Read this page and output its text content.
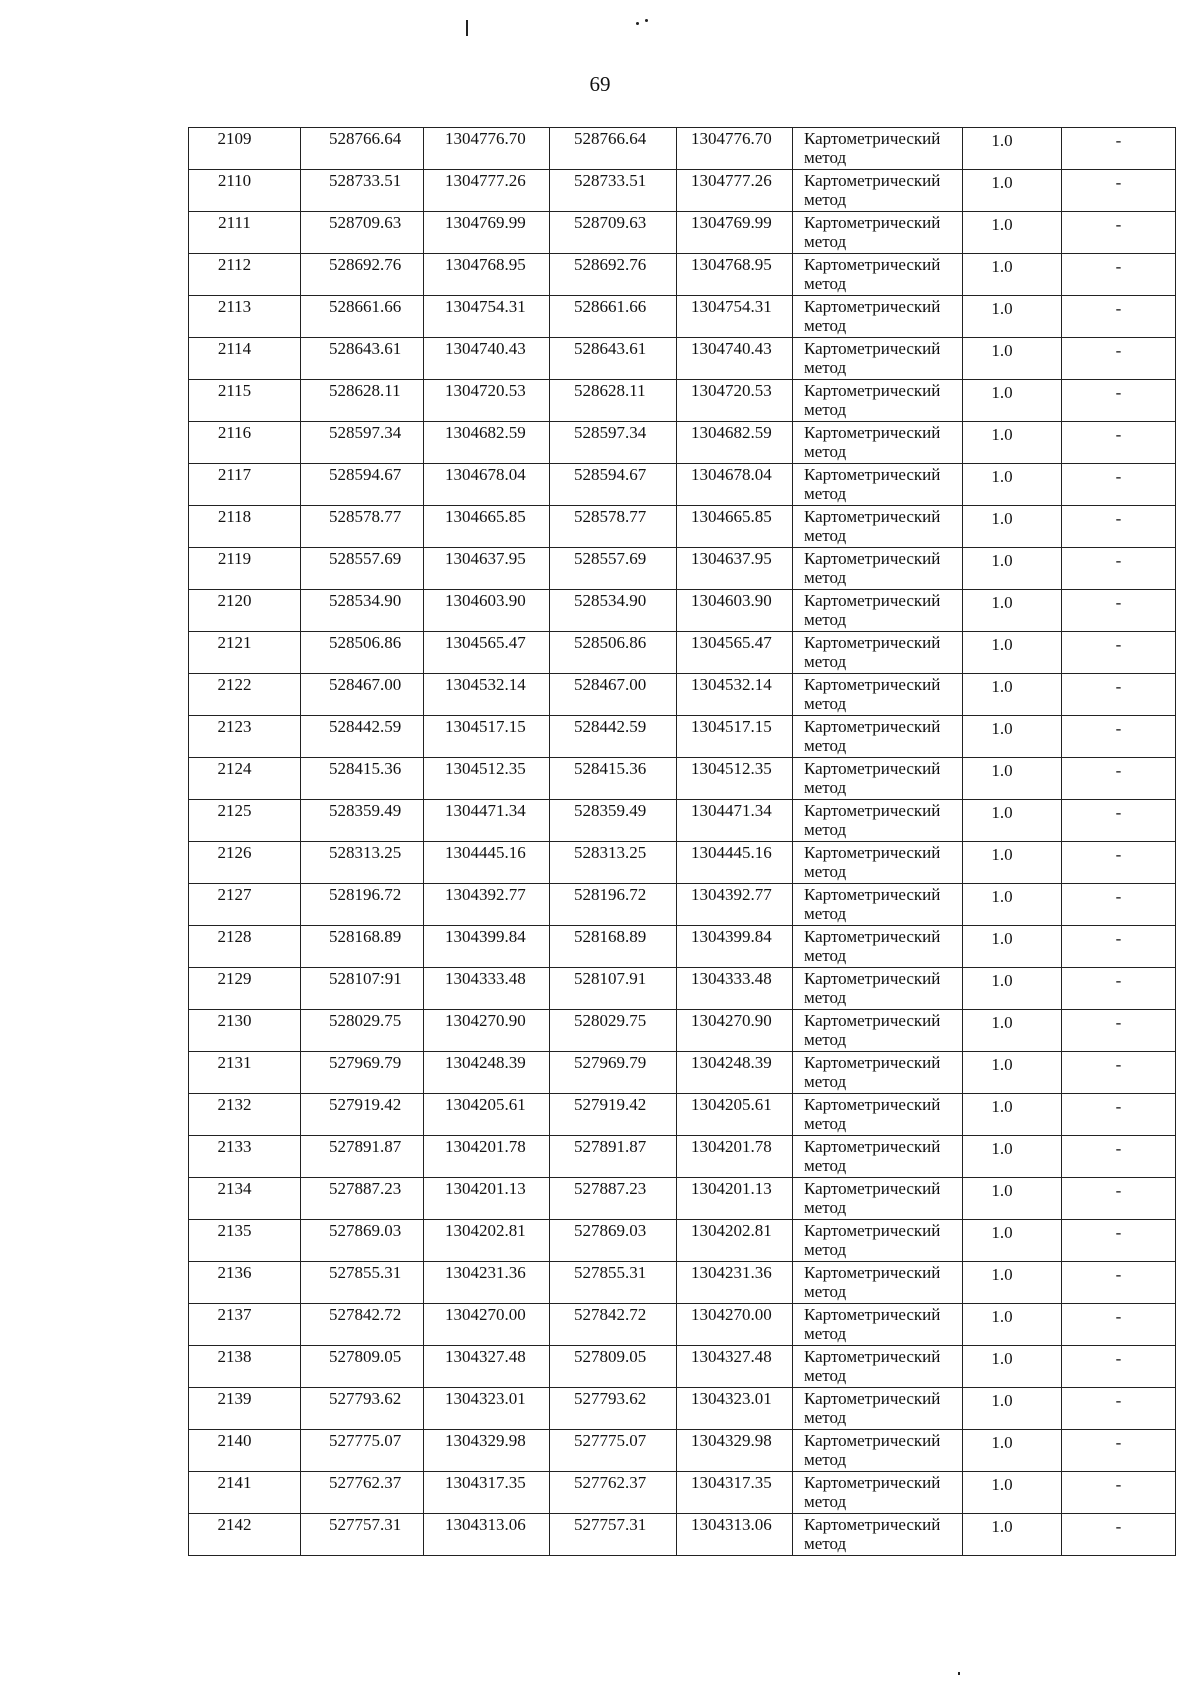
69
2109	528766.64	1304776.70	528766.64	1304776.70	Картометрический метод	1.0	-

2110	528733.51	1304777.26	528733.51	1304777.26	Картометрический метод	1.0	-

2111	528709.63	1304769.99	528709.63	1304769.99	Картометрический метод	1.0	-

2112	528692.76	1304768.95	528692.76	1304768.95	Картометрический метод	1.0	-

2113	528661.66	1304754.31	528661.66	1304754.31	Картометрический метод	1.0	-

2114	528643.61	1304740.43	528643.61	1304740.43	Картометрический метод	1.0	-

2115	528628.11	1304720.53	528628.11	1304720.53	Картометрический метод	1.0	-

2116	528597.34	1304682.59	528597.34	1304682.59	Картометрический метод	1.0	-

2117	528594.67	1304678.04	528594.67	1304678.04	Картометрический метод	1.0	-

2118	528578.77	1304665.85	528578.77	1304665.85	Картометрический метод	1.0	-

2119	528557.69	1304637.95	528557.69	1304637.95	Картометрический метод	1.0	-

2120	528534.90	1304603.90	528534.90	1304603.90	Картометрический метод	1.0	-

2121	528506.86	1304565.47	528506.86	1304565.47	Картометрический метод	1.0	-

2122	528467.00	1304532.14	528467.00	1304532.14	Картометрический метод	1.0	-

2123	528442.59	1304517.15	528442.59	1304517.15	Картометрический метод	1.0	-

2124	528415.36	1304512.35	528415.36	1304512.35	Картометрический метод	1.0	-

2125	528359.49	1304471.34	528359.49	1304471.34	Картометрический метод	1.0	-

2126	528313.25	1304445.16	528313.25	1304445.16	Картометрический метод	1.0	-

2127	528196.72	1304392.77	528196.72	1304392.77	Картометрический метод	1.0	-

2128	528168.89	1304399.84	528168.89	1304399.84	Картометрический метод	1.0	-

2129	528107:91	1304333.48	528107.91	1304333.48	Картометрический метод	1.0	-

2130	528029.75	1304270.90	528029.75	1304270.90	Картометрический метод	1.0	-

2131	527969.79	1304248.39	527969.79	1304248.39	Картометрический метод	1.0	-

2132	527919.42	1304205.61	527919.42	1304205.61	Картометрический метод	1.0	-

2133	527891.87	1304201.78	527891.87	1304201.78	Картометрический метод	1.0	-

2134	527887.23	1304201.13	527887.23	1304201.13	Картометрический метод	1.0	-

2135	527869.03	1304202.81	527869.03	1304202.81	Картометрический метод	1.0	-

2136	527855.31	1304231.36	527855.31	1304231.36	Картометрический метод	1.0	-

2137	527842.72	1304270.00	527842.72	1304270.00	Картометрический метод	1.0	-

2138	527809.05	1304327.48	527809.05	1304327.48	Картометрический метод	1.0	-

2139	527793.62	1304323.01	527793.62	1304323.01	Картометрический метод	1.0	-

2140	527775.07	1304329.98	527775.07	1304329.98	Картометрический метод	1.0	-

2141	527762.37	1304317.35	527762.37	1304317.35	Картометрический метод	1.0	-

2142	527757.31	1304313.06	527757.31	1304313.06	Картометрический метод	1.0	-
